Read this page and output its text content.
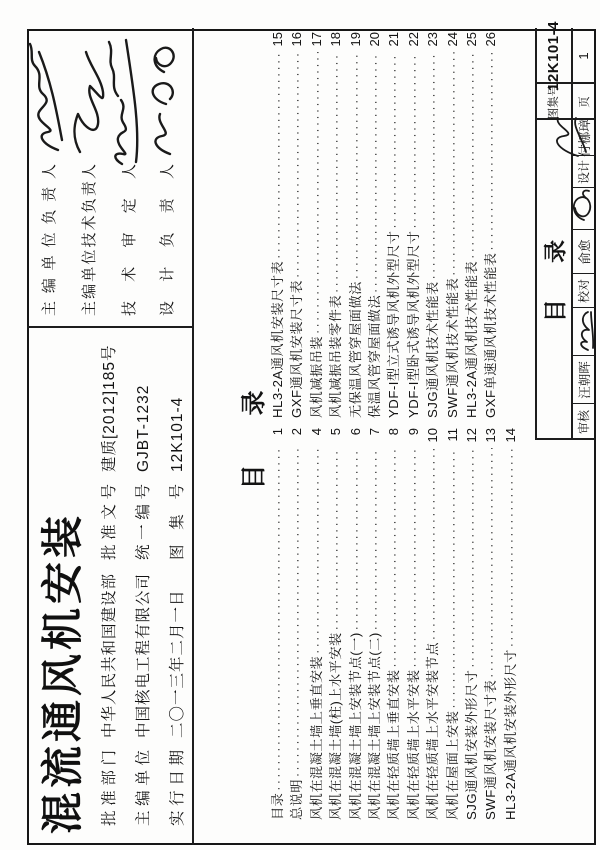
混流通风机安装 批准部门
中华人民共和国建设部
批准文号
建质[2012]185号
主编单位
中国核电工程有限公司
统一编号
GJBT-1232
实行日期
二〇一三年二月一日
图集号
12K101-4
主编单位负责人 主编单位技术负责人 技术审定人 设计负责人
目 录
目录
·····
1
总说明
·····
2
风机在混凝土墙上垂直安装
·····
4
风机在混凝土墙(柱)上水平安装
·····
5
风机在混凝土墙上安装节点(一)
·····
6
风机在混凝土墙上安装节点(二)
·····
7
风机在轻质墙上垂直安装
·····
8
风机在轻质墙上水平安装
·····
9
风机在轻质墙上水平安装节点
·····
10
风机在屋面上安装
·····
11
SJG通风机安装外形尺寸
·····
12
SWF通风机安装尺寸表
·····
13
HL3-2A通风机安装外形尺寸
·····
14
HL3-2A通风机安装尺寸表
·····
15
GXF通风机安装尺寸表
·····
16
风机减振吊装
·····
17
风机减振吊装零件表
·····
18
无保温风管穿屋面做法
·····
19
保温风管穿屋面做法
·····
20
YDF-I型立式诱导风机外型尺寸
·····
21
YDF-I型卧式诱导风机外型尺寸
·····
22
SJG通风机技术性能表
·····
23
SWF通风机技术性能表
·····
24
HL3-2A通风机技术性能表
·····
25
GXF单速通风机技术性能表
·····
26
目 录
审核
汪朝晖
校对
俞愈
设计
付梛璋
图集号
12K101-4
页
1
